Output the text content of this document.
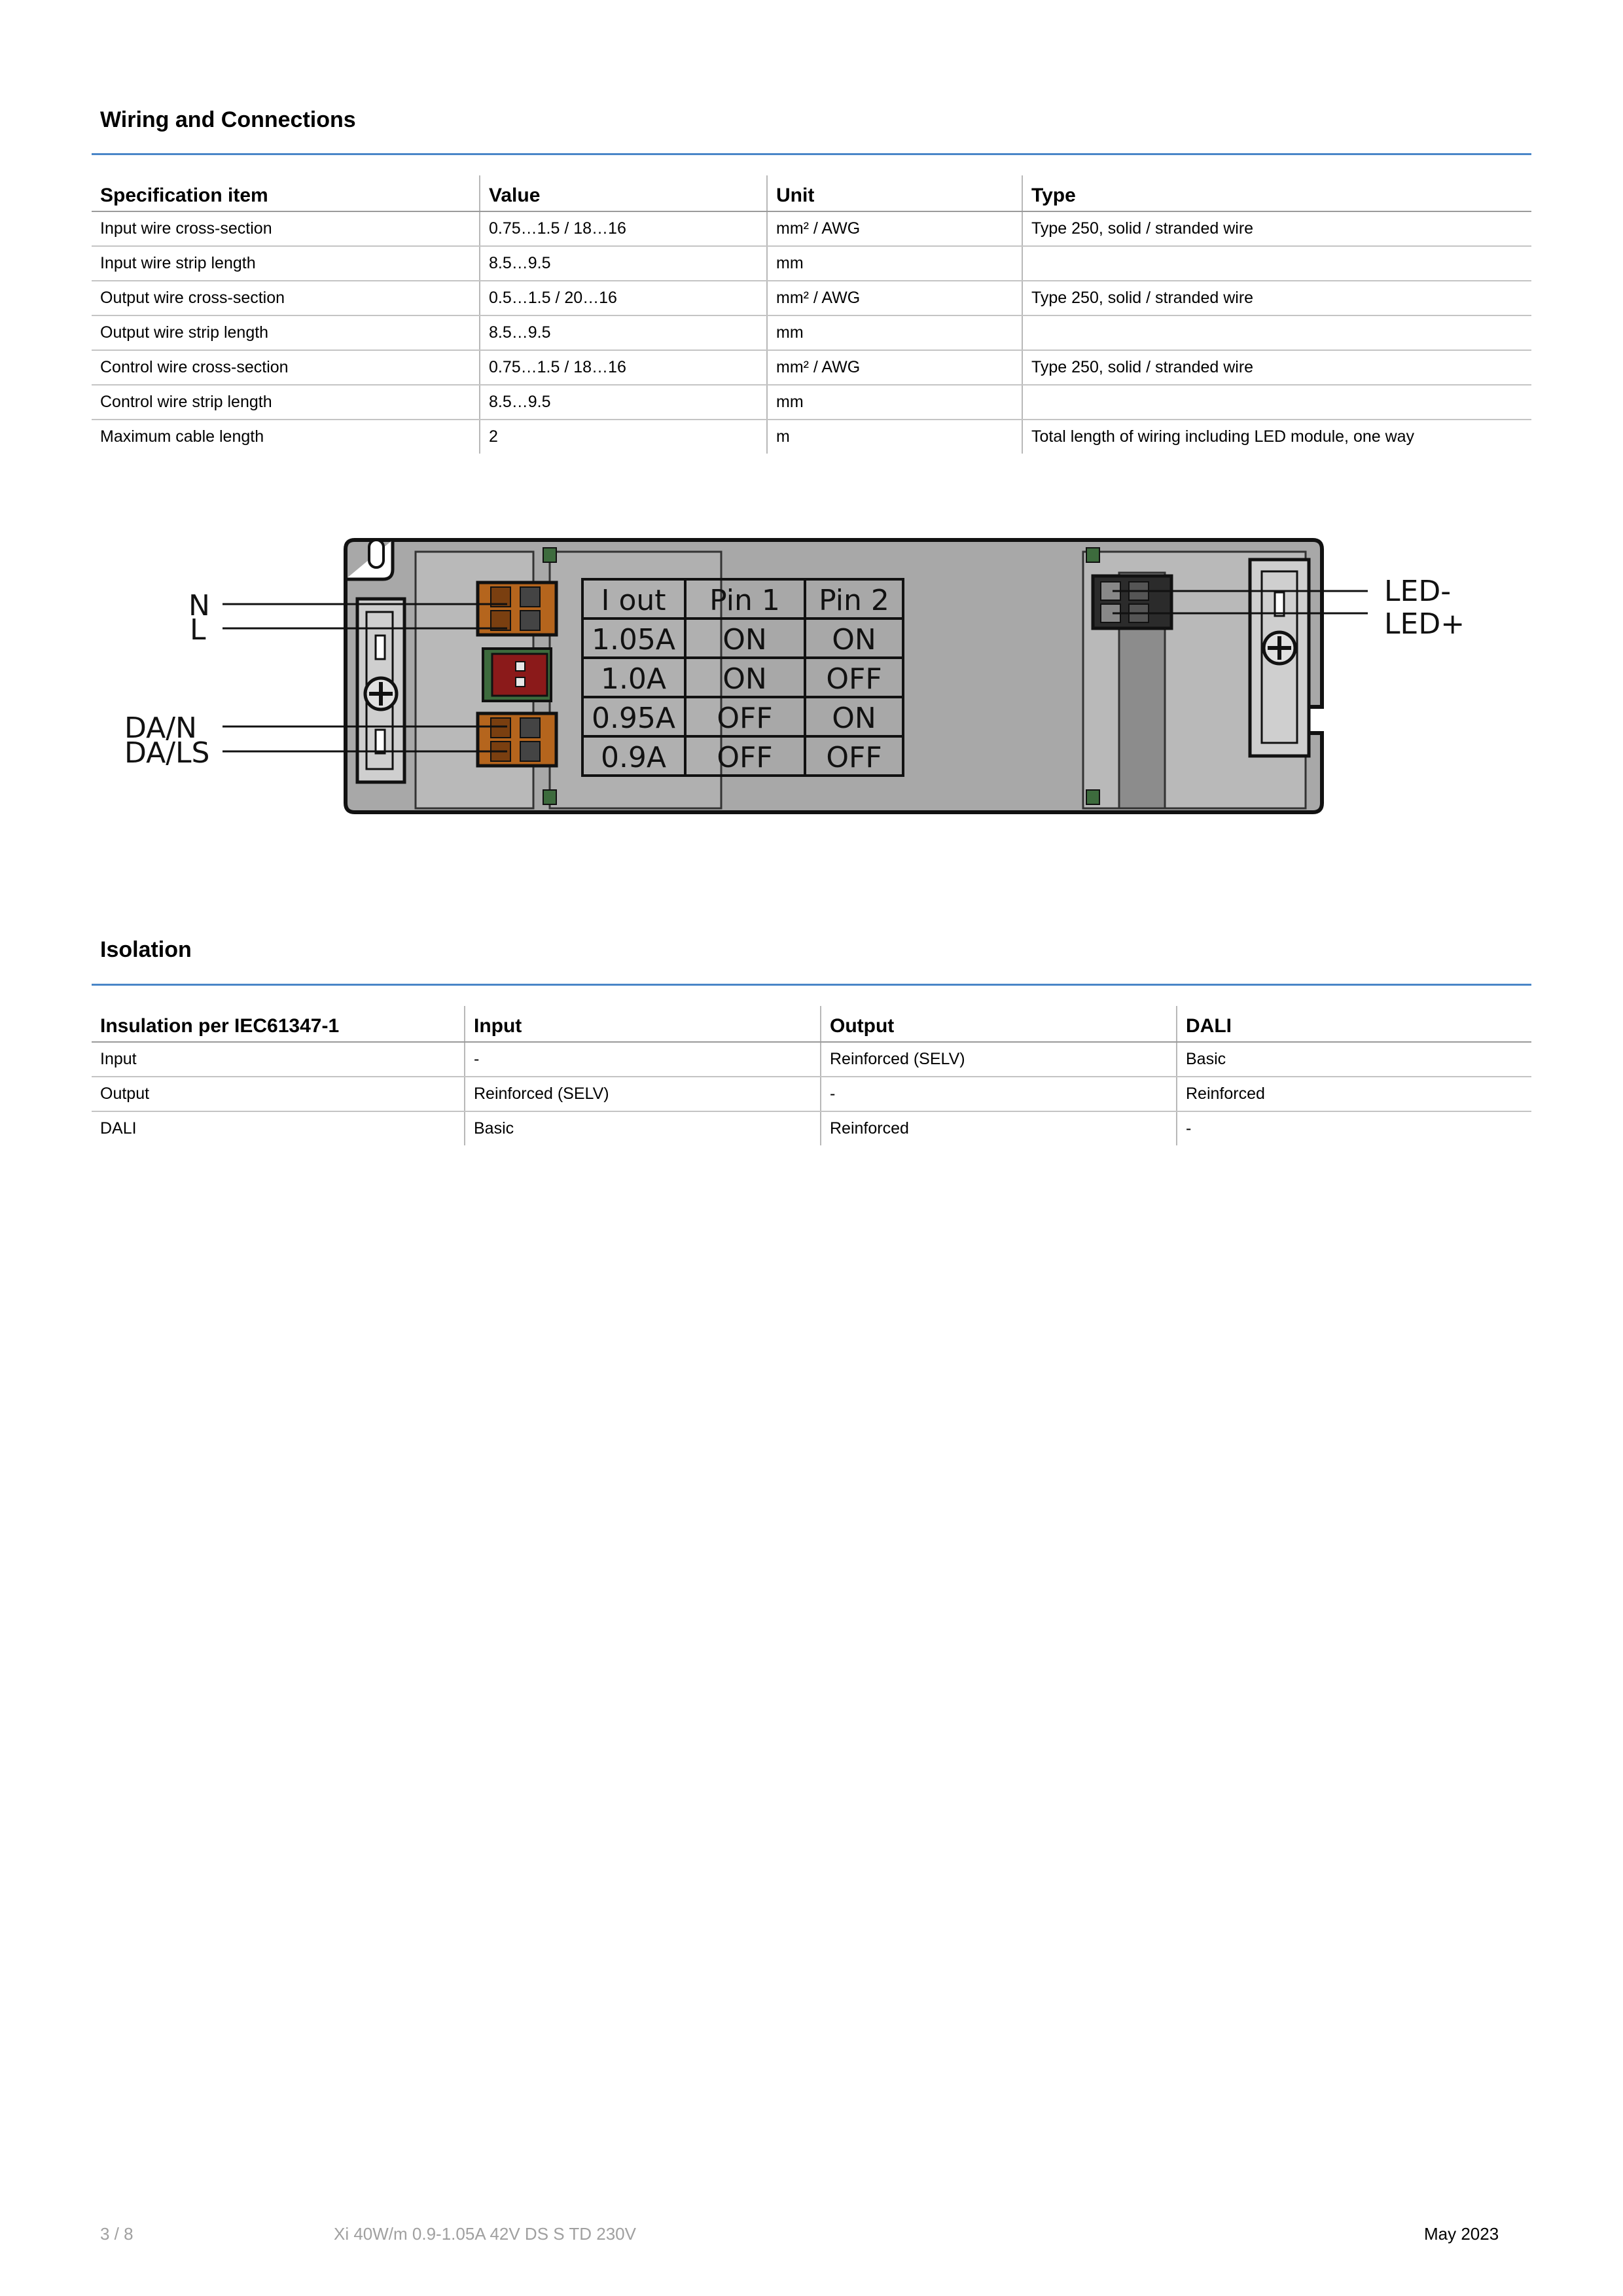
Wiring and Connections
Specification item	Value	Unit	Type
Input wire cross-section	0.75…1.5 / 18…16	mm² / AWG	Type 250, solid / stranded wire
Input wire strip length	8.5…9.5	mm	
Output wire cross-section	0.5…1.5 / 20…16	mm² / AWG	Type 250, solid / stranded wire
Output wire strip length	8.5…9.5	mm	
Control wire cross-section	0.75…1.5 / 18…16	mm² / AWG	Type 250, solid / stranded wire
Control wire strip length	8.5…9.5	mm	
Maximum cable length	2	m	Total length of wiring including LED module, one way
I out Pin 1 Pin 2
1.05A ON ON
1.0A ON OFF
0.95A OFF ON
0.9A OFF OFF
N
L
DA/N
DA/LS
LED-
LED+
Isolation
Insulation per IEC61347-1	Input	Output	DALI
Input	-	Reinforced (SELV)	Basic
Output	Reinforced (SELV)	-	Reinforced
DALI	Basic	Reinforced	-
3 / 8	Xi 40W/m 0.9-1.05A 42V DS S TD 230V	May 2023
